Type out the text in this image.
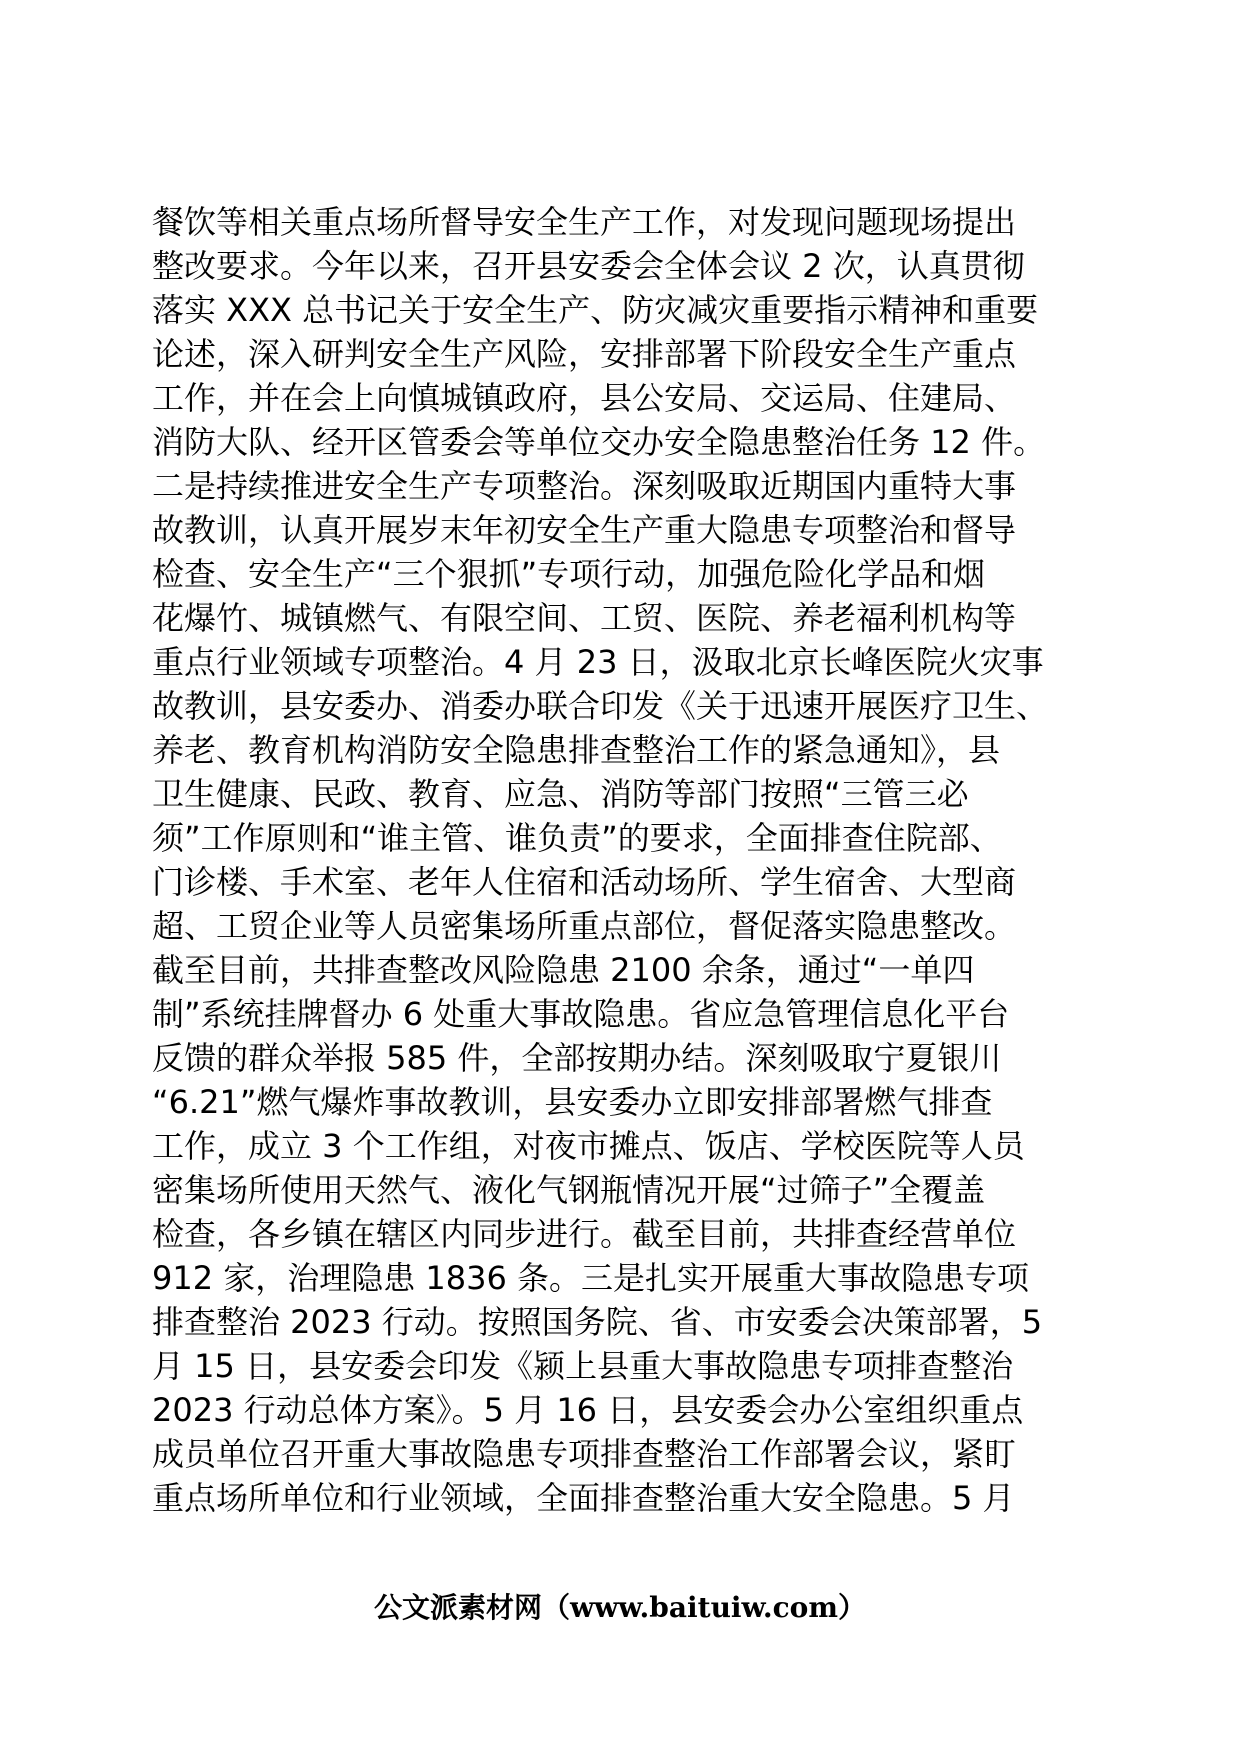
餐饮等相关重点场所督导安全生产工作，对发现问题现场提出
整改要求。今年以来，召开县安委会全体会议 2 次，认真贯彻
落实 XXX 总书记关于安全生产、防灾减灾重要指示精神和重要
论述，深入研判安全生产风险，安排部署下阶段安全生产重点
工作，并在会上向慎城镇政府，县公安局、交运局、住建局、
消防大队、经开区管委会等单位交办安全隐患整治任务 12 件。
二是持续推进安全生产专项整治。深刻吸取近期国内重特大事
故教训，认真开展岁末年初安全生产重大隐患专项整治和督导
检查、安全生产“三个狠抓”专项行动，加强危险化学品和烟
花爆竹、城镇燃气、有限空间、工贸、医院、养老福利机构等
重点行业领域专项整治。4 月 23 日，汲取北京长峰医院火灾事
故教训，县安委办、消委办联合印发《关于迅速开展医疗卫生、
养老、教育机构消防安全隐患排查整治工作的紧急通知》，县
卫生健康、民政、教育、应急、消防等部门按照“三管三必
须”工作原则和“谁主管、谁负责”的要求，全面排查住院部、
门诊楼、手术室、老年人住宿和活动场所、学生宿舍、大型商
超、工贸企业等人员密集场所重点部位，督促落实隐患整改。
截至目前，共排查整改风险隐患 2100 余条，通过“一单四
制”系统挂牌督办 6 处重大事故隐患。省应急管理信息化平台
反馈的群众举报 585 件，全部按期办结。深刻吸取宁夏银川
“6.21”燃气爆炸事故教训，县安委办立即安排部署燃气排查
工作，成立 3 个工作组，对夜市摊点、饭店、学校医院等人员
密集场所使用天然气、液化气钢瓶情况开展“过筛子”全覆盖
检查，各乡镇在辖区内同步进行。截至目前，共排查经营单位
912 家，治理隐患 1836 条。三是扎实开展重大事故隐患专项
排查整治 2023 行动。按照国务院、省、市安委会决策部署，5
月 15 日，县安委会印发《颍上县重大事故隐患专项排查整治
2023 行动总体方案》。5 月 16 日，县安委会办公室组织重点
成员单位召开重大事故隐患专项排查整治工作部署会议，紧盯
重点场所单位和行业领域，全面排查整治重大安全隐患。5 月
公文派素材网（www.baituiw.com）
